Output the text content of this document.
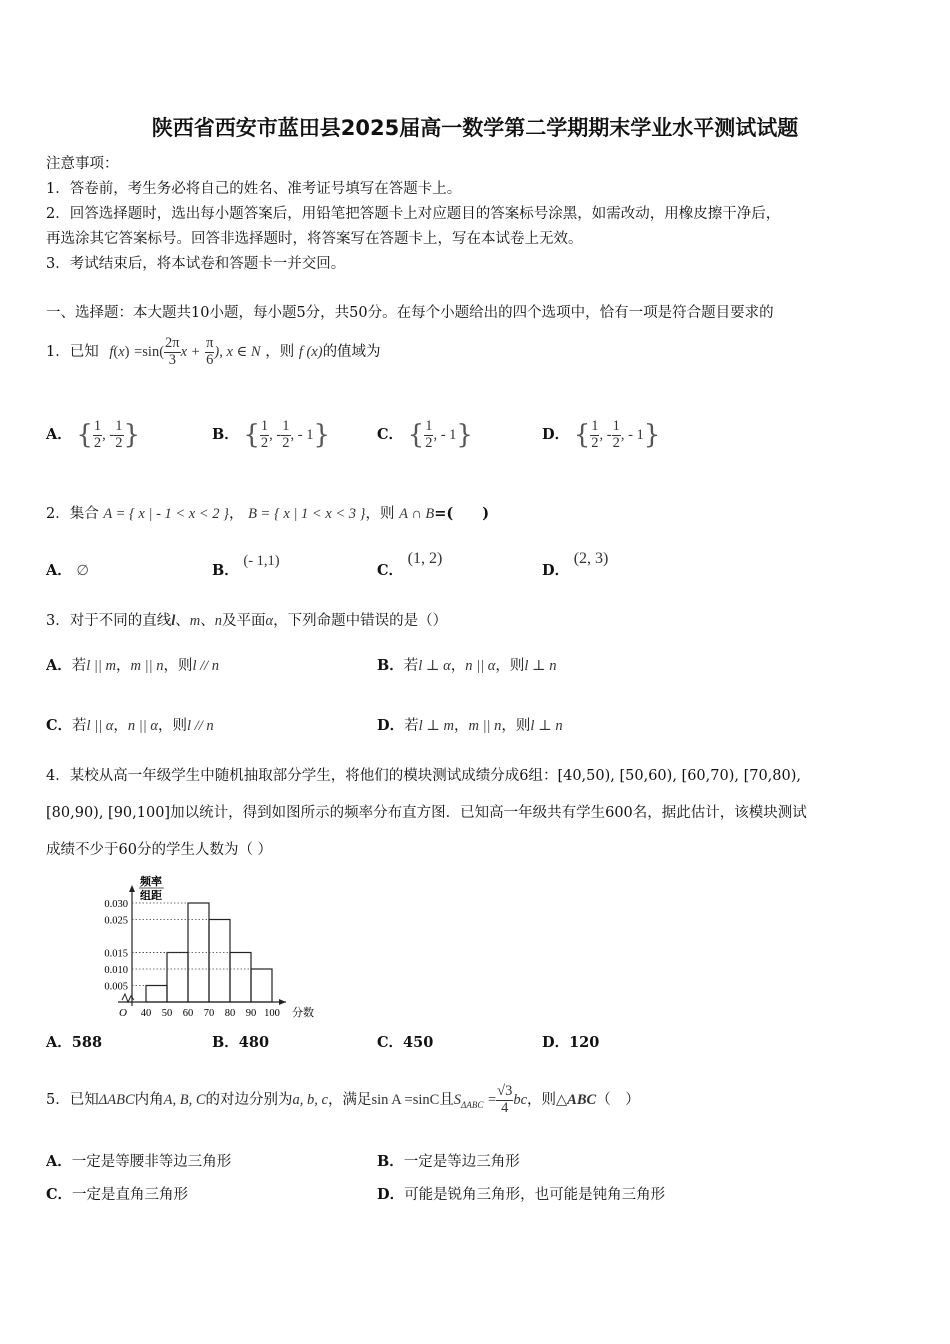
陕西省西安市蓝田县2025届高一数学第二学期期末学业水平测试试题
注意事项：
1．答卷前，考生务必将自己的姓名、准考证号填写在答题卡上。
2．回答选择题时，选出每小题答案后，用铅笔把答题卡上对应题目的答案标号涂黑，如需改动，用橡皮擦干净后，
再选涂其它答案标号。回答非选择题时，将答案写在答题卡上，写在本试卷上无效。
3．考试结束后，将本试卷和答题卡一并交回。
一、选择题：本大题共10小题，每小题5分，共50分。在每个小题给出的四个选项中，恰有一项是符合题目要求的
1．已知 $f(x) =\sin( \frac{2\pi}{3}$ $x + \frac{\pi}{6}$ ), x ∈ N ，则 f (x)的值域为
A． { $\frac{1}{2}$ , - $\frac{1}{2}$ }	B． { $\frac{1}{2}$ , - $\frac{1}{2}$ , - 1}	C． { $\frac{1}{2}$ , - 1}	D． { $\frac{1}{2}$ , - $\frac{1}{2}$ , - 1}
2．集合 A = { x | - 1 < x < 2 }， B = { x | 1 < x < 3 }，则 A ∩ B=(　　)
A． ∅	B． (- 1,1)
C． (1, 2)
D． (2, 3)
3．对于不同的直线l、m、n及平面α，下列命题中错误的是（）
A．若l || m，m || n，则l // n	B．若l ⊥ α，n || α，则l ⊥ n
C．若l || α，n || α，则l // n	D．若l ⊥ m，m || n，则l ⊥ n
4．某校从高一年级学生中随机抽取部分学生，将他们的模块测试成绩分成6组：[40,50), [50,60), [60,70), [70,80),
[80,90), [90,100]加以统计，得到如图所示的频率分布直方图．已知高一年级共有学生600名，据此估计，该模块测试
成绩不少于60分的学生人数为（ ）
频率
组距
0.030
0.025
0.015
0.010
0.005
40 50 60 70 80 90 100 分数
O
A．588	B．480	C．450	D．120
5．已知ΔABC内角A, B, C的对边分别为a, b, c，满足sin A =sinC且$S_{\Delta ABC} = \frac{√3}{4}$ bc，则△ABC（　）
A．一定是等腰非等边三角形	B．一定是等边三角形
C．一定是直角三角形	D．可能是锐角三角形，也可能是钝角三角形
